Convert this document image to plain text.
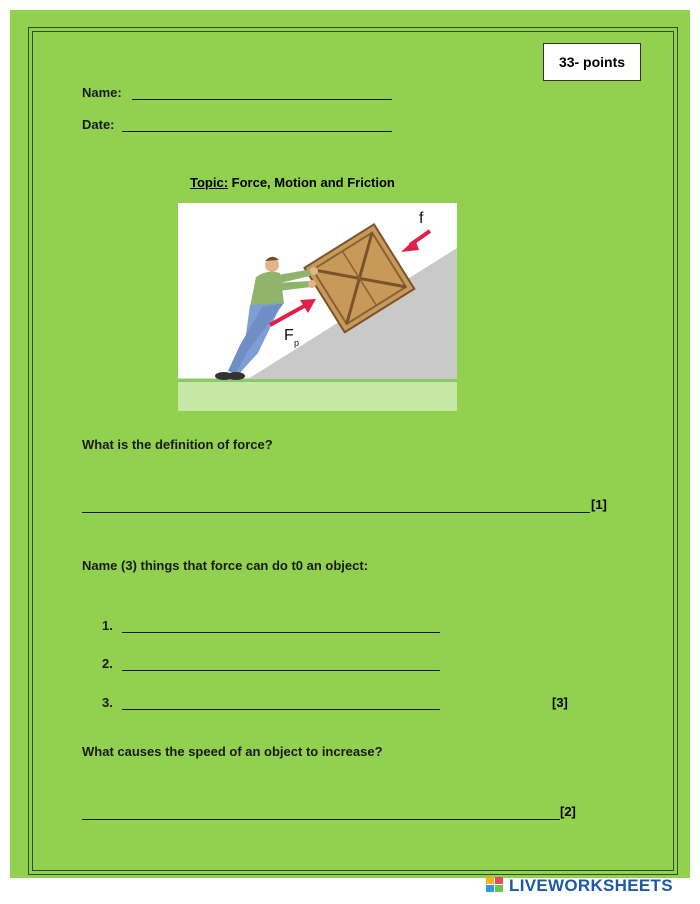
33- points
Name:
Date:
Topic: Force, Motion and Friction
f
F p
What is the definition of force?
[1]
Name (3) things that force can do t0 an object:
1.
2.
3.	[3]
What causes the speed of an object to increase?
[2]
LIVEWORKSHEETS
